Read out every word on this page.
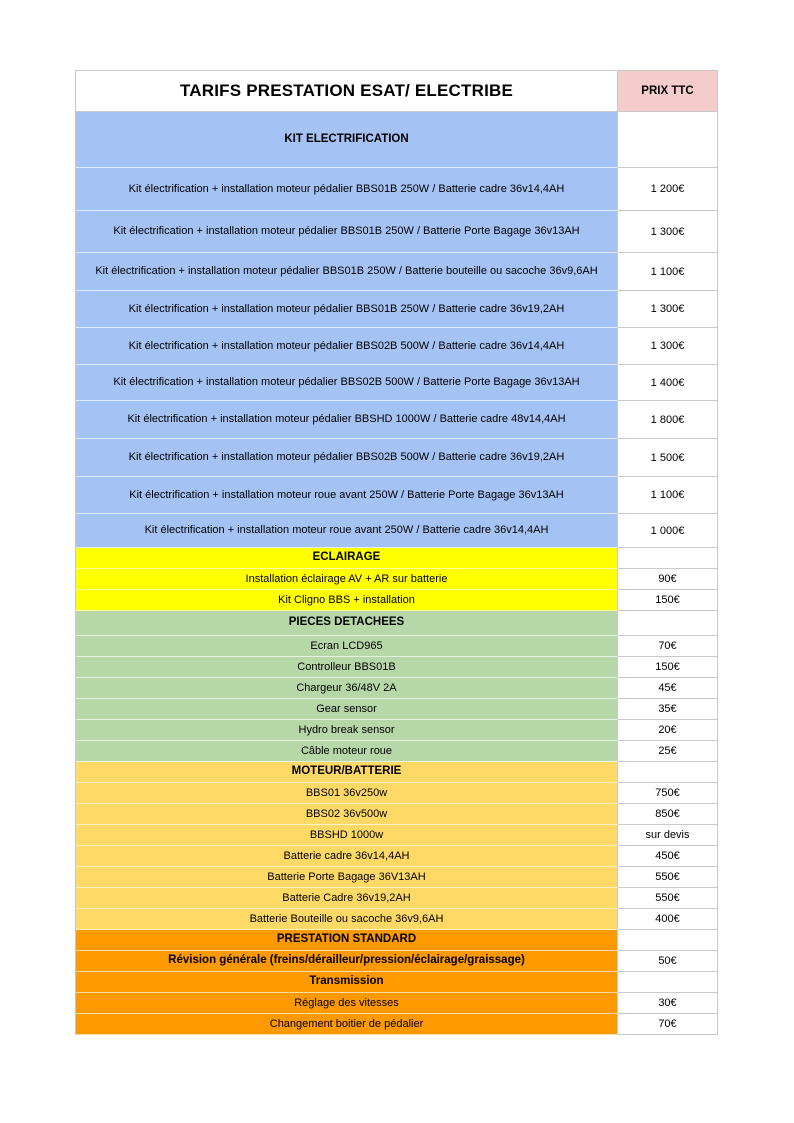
TARIFS PRESTATION ESAT/ ELECTRIBE	PRIX TTC
KIT ELECTRIFICATION
Kit électrification + installation moteur pédalier BBS01B 250W / Batterie cadre 36v14,4AH	1 200€
Kit électrification + installation moteur pédalier BBS01B 250W / Batterie Porte Bagage 36v13AH	1 300€
Kit électrification + installation moteur pédalier BBS01B 250W / Batterie bouteille ou sacoche 36v9,6AH	1 100€
Kit électrification + installation moteur pédalier BBS01B 250W / Batterie cadre 36v19,2AH	1 300€
Kit électrification + installation moteur pédalier BBS02B 500W / Batterie cadre 36v14,4AH	1 300€
Kit électrification + installation moteur pédalier BBS02B 500W / Batterie Porte Bagage 36v13AH	1 400€
Kit électrification + installation moteur pédalier BBSHD 1000W / Batterie cadre 48v14,4AH	1 800€
Kit électrification + installation moteur pédalier BBS02B 500W / Batterie cadre 36v19,2AH	1 500€
Kit électrification + installation moteur roue avant 250W / Batterie Porte Bagage 36v13AH	1 100€
Kit électrification + installation moteur roue avant 250W / Batterie cadre 36v14,4AH	1 000€
ECLAIRAGE
Installation éclairage AV + AR sur batterie	90€
Kit Cligno BBS + installation	150€
PIECES DETACHEES
Ecran LCD965	70€
Controlleur BBS01B	150€
Chargeur 36/48V 2A	45€
Gear sensor	35€
Hydro break sensor	20€
Câble moteur roue	25€
MOTEUR/BATTERIE
BBS01 36v250w	750€
BBS02 36v500w	850€
BBSHD 1000w	sur devis
Batterie cadre 36v14,4AH	450€
Batterie Porte Bagage 36V13AH	550€
Batterie Cadre 36v19,2AH	550€
Batterie Bouteille ou sacoche 36v9,6AH	400€
PRESTATION STANDARD
Révision générale (freins/dérailleur/pression/éclairage/graissage)	50€
Transmission
Réglage des vitesses	30€
Changement boitier de pédalier	70€
